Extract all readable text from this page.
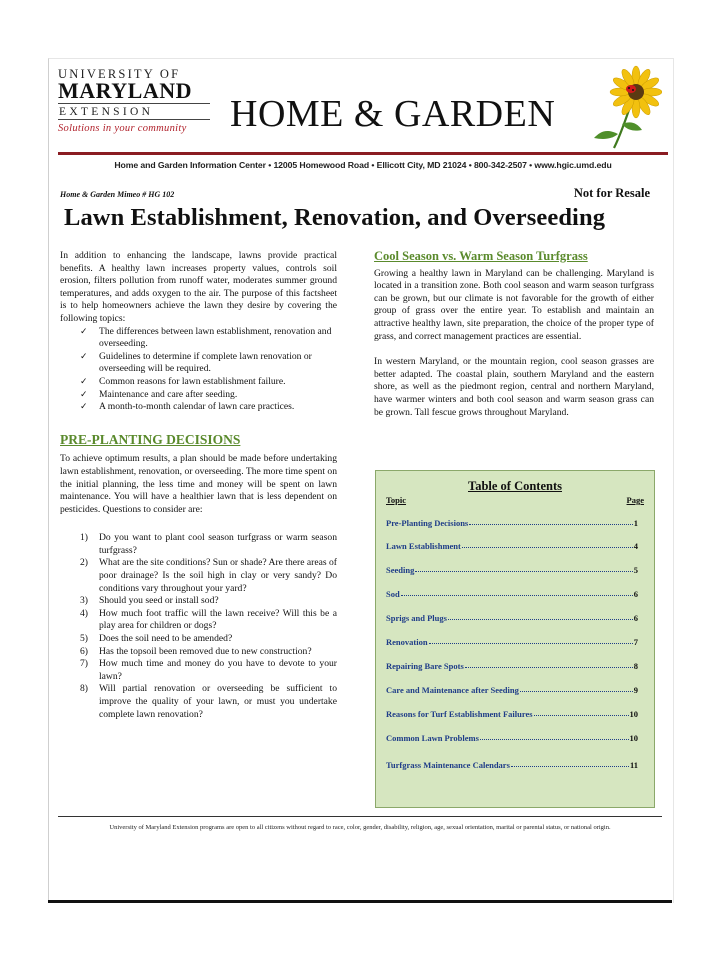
UNIVERSITY OF
MARYLAND
EXTENSION
Solutions in your community	HOME & GARDEN
Home and Garden Information Center • 12005 Homewood Road • Ellicott City, MD 21024 • 800-342-2507 • www.hgic.umd.edu
Home & Garden Mimeo # HG 102	Not for Resale
Lawn Establishment, Renovation, and Overseeding

In addition to enhancing the landscape, lawns provide practical benefits. A healthy lawn increases property values, controls soil erosion, filters pollution from runoff water, moderates summer ground temperatures, and adds oxygen to the air. The purpose of this factsheet is to help homeowners achieve the lawn they desire by covering the following topics:

✓ The differences between lawn establishment, renovation and overseeding.
✓ Guidelines to determine if complete lawn renovation or overseeding will be required.
✓ Common reasons for lawn establishment failure.
✓ Maintenance and care after seeding.
✓ A month-to-month calendar of lawn care practices.
PRE-PLANTING DECISIONS

To achieve optimum results, a plan should be made before undertaking lawn establishment, renovation, or overseeding. The more time spent on the initial planning, the less time and money will be spent on lawn maintenance. You will have a healthier lawn that is less dependent on pesticides. Questions to consider are:

1) Do you want to plant cool season turfgrass or warm season turfgrass?
2) What are the site conditions? Sun or shade? Are there areas of poor drainage? Is the soil high in clay or very sandy? Do conditions vary throughout your yard?
3) Should you seed or install sod?
4) How much foot traffic will the lawn receive? Will this be a play area for children or dogs?
5) Does the soil need to be amended?
6) Has the topsoil been removed due to new construction?
7) How much time and money do you have to devote to your lawn?
8) Will partial renovation or overseeding be sufficient to improve the quality of your lawn, or must you undertake complete lawn renovation?
Cool Season vs. Warm Season Turfgrass

Growing a healthy lawn in Maryland can be challenging. Maryland is located in a transition zone. Both cool season and warm season turfgrass can be grown, but our climate is not favorable for the growth of either group of grass over the entire year. To establish and maintain an attractive healthy lawn, site preparation, the choice of the proper type of grass, and correct management practices are essential.

In western Maryland, or the mountain region, cool season grasses are better adapted. The coastal plain, southern Maryland and the eastern shore, as well as the piedmont region, central and northern Maryland, have warmer winters and both cool season and warm season grass can be grown. Tall fescue grows throughout Maryland.

Table of Contents
Topic	Page
Pre-Planting Decisions	1
Lawn Establishment	4
Seeding	5
Sod	6
Sprigs and Plugs	6
Renovation	7
Repairing Bare Spots	8
Care and Maintenance after Seeding	9
Reasons for Turf Establishment Failures	10
Common Lawn Problems	10
Turfgrass Maintenance Calendars	11
University of Maryland Extension programs are open to all citizens without regard to race, color, gender, disability, religion, age, sexual orientation, marital or parental status, or national origin.
